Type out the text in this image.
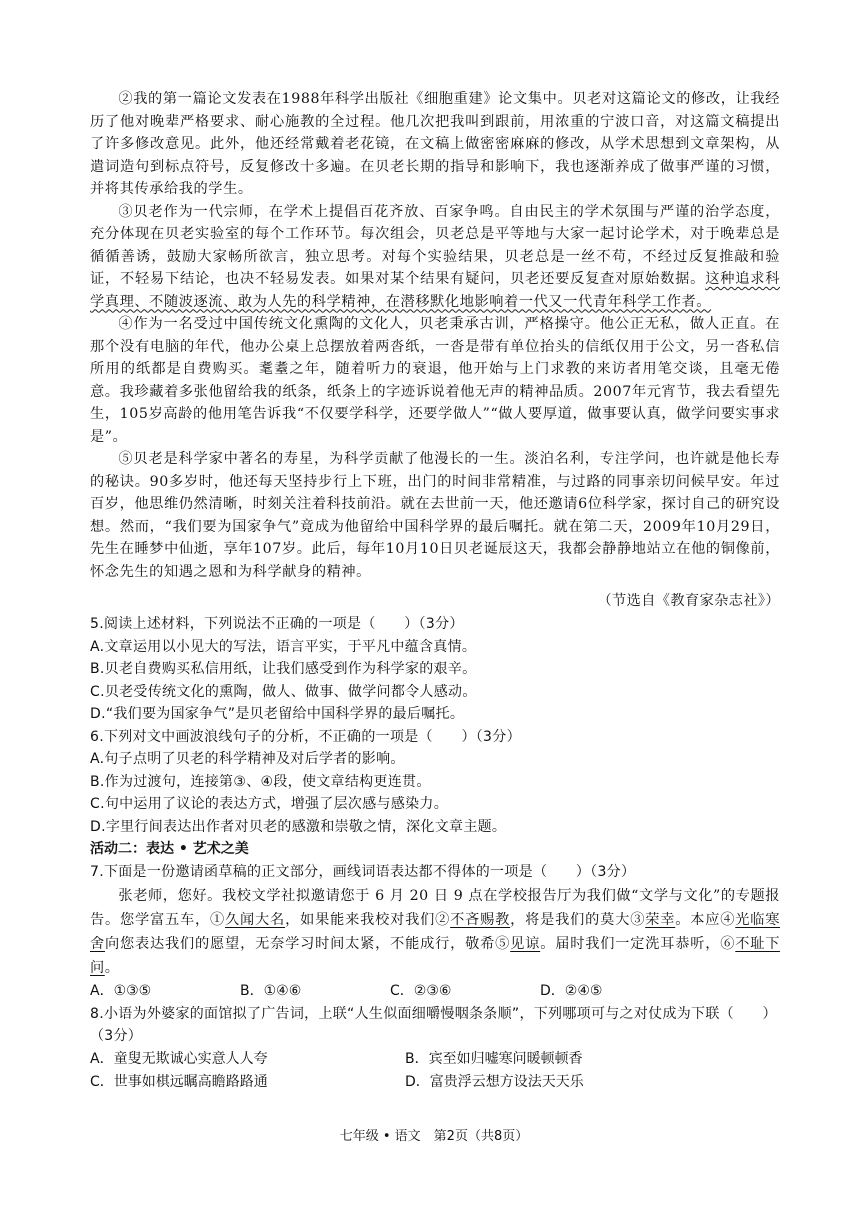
②我的第一篇论文发表在1988年科学出版社《细胞重建》论文集中。贝老对这篇论文的修改，让我经历了他对晚辈严格要求、耐心施教的全过程。他几次把我叫到跟前，用浓重的宁波口音，对这篇文稿提出了许多修改意见。此外，他还经常戴着老花镜，在文稿上做密密麻麻的修改，从学术思想到文章架构，从遣词造句到标点符号，反复修改十多遍。在贝老长期的指导和影响下，我也逐渐养成了做事严谨的习惯，并将其传承给我的学生。

③贝老作为一代宗师，在学术上提倡百花齐放、百家争鸣。自由民主的学术氛围与严谨的治学态度，充分体现在贝老实验室的每个工作环节。每次组会，贝老总是平等地与大家一起讨论学术，对于晚辈总是循循善诱，鼓励大家畅所欲言，独立思考。对每个实验结果，贝老总是一丝不苟，不经过反复推敲和验证，不轻易下结论，也决不轻易发表。如果对某个结果有疑问，贝老还要反复查对原始数据。这种追求科学真理、不随波逐流、敢为人先的科学精神，在潜移默化地影响着一代又一代青年科学工作者。

④作为一名受过中国传统文化熏陶的文化人，贝老秉承古训，严格操守。他公正无私，做人正直。在那个没有电脑的年代，他办公桌上总摆放着两沓纸，一沓是带有单位抬头的信纸仅用于公文，另一沓私信所用的纸都是自费购买。耄耋之年，随着听力的衰退，他开始与上门求教的来访者用笔交谈，且毫无倦意。我珍藏着多张他留给我的纸条，纸条上的字迹诉说着他无声的精神品质。2007年元宵节，我去看望先生，105岁高龄的他用笔告诉我“不仅要学科学，还要学做人”“做人要厚道，做事要认真，做学问要实事求是”。

⑤贝老是科学家中著名的寿星，为科学贡献了他漫长的一生。淡泊名利，专注学问，也许就是他长寿的秘诀。90多岁时，他还每天坚持步行上下班，出门的时间非常精准，与过路的同事亲切问候早安。年过百岁，他思维仍然清晰，时刻关注着科技前沿。就在去世前一天，他还邀请6位科学家，探讨自己的研究设想。然而，“我们要为国家争气”竟成为他留给中国科学界的最后嘱托。就在第二天，2009年10月29日，先生在睡梦中仙逝，享年107岁。此后，每年10月10日贝老诞辰这天，我都会静静地站立在他的铜像前，怀念先生的知遇之恩和为科学献身的精神。

（节选自《教育家杂志社》）

5.阅读上述材料，下列说法不正确的一项是（　　）（3分）

A.文章运用以小见大的写法，语言平实，于平凡中蕴含真情。

B.贝老自费购买私信用纸，让我们感受到作为科学家的艰辛。

C.贝老受传统文化的熏陶，做人、做事、做学问都令人感动。

D.“我们要为国家争气”是贝老留给中国科学界的最后嘱托。

6.下列对文中画波浪线句子的分析，不正确的一项是（　　）（3分）

A.句子点明了贝老的科学精神及对后学者的影响。

B.作为过渡句，连接第③、④段，使文章结构更连贯。

C.句中运用了议论的表达方式，增强了层次感与感染力。

D.字里行间表达出作者对贝老的感激和崇敬之情，深化文章主题。

活动二：表达 • 艺术之美

7.下面是一份邀请函草稿的正文部分，画线词语表达都不得体的一项是（　　）（3分）

张老师，您好。我校文学社拟邀请您于 6 月 20 日 9 点在学校报告厅为我们做“文学与文化”的专题报告。您学富五车，①久闻大名，如果能来我校对我们②不吝赐教，将是我们的莫大③荣幸。本应④光临寒舍向您表达我们的愿望，无奈学习时间太紧，不能成行，敬希⑤见谅。届时我们一定洗耳恭听，⑥不耻下问。

A．①③⑤	B．①④⑥	C．②③⑥	D．②④⑤

8.小语为外婆家的面馆拟了广告词，上联“人生似面细嚼慢咽条条顺”，下列哪项可与之对仗成为下联（　　）（3分）

A．童叟无欺诚心实意人人夸	B．宾至如归嘘寒问暖顿顿香
C．世事如棋远瞩高瞻路路通	D．富贵浮云想方设法天天乐
七年级 • 语文　第2页（共8页）
